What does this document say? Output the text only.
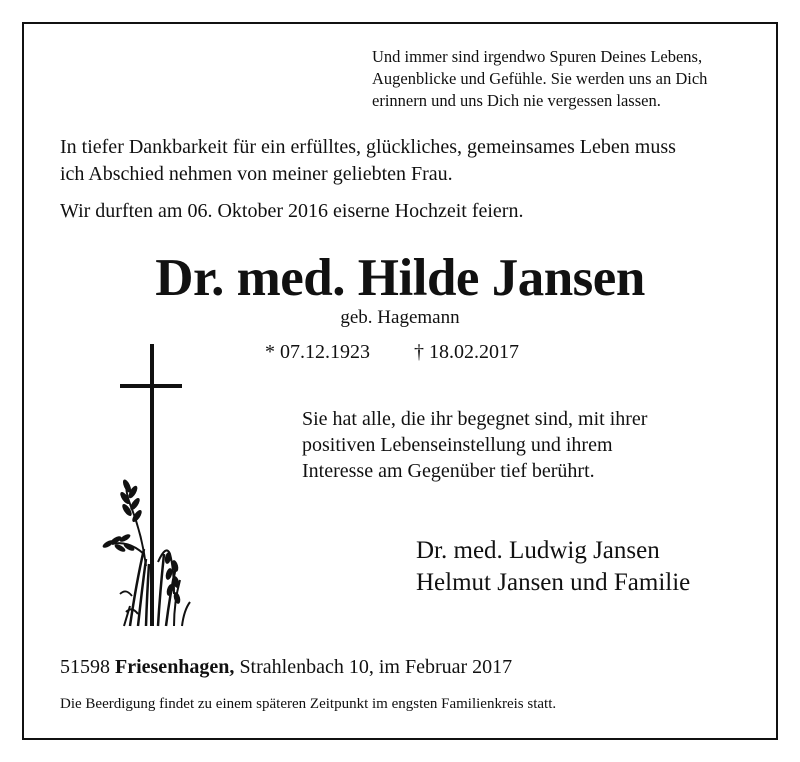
Und immer sind irgendwo Spuren Deines Lebens,
Augenblicke und Gefühle. Sie werden uns an Dich
erinnern und uns Dich nie vergessen lassen.
In tiefer Dankbarkeit für ein erfülltes, glückliches, gemeinsames Leben muss
ich Abschied nehmen von meiner geliebten Frau.
Wir durften am 06. Oktober 2016 eiserne Hochzeit feiern.
Dr. med. Hilde Jansen
geb. Hagemann
* 07.12.1923 † 18.02.2017
Sie hat alle, die ihr begegnet sind, mit ihrer
positiven Lebenseinstellung und ihrem
Interesse am Gegenüber tief berührt.
Dr. med. Ludwig Jansen
Helmut Jansen und Familie
51598 Friesenhagen, Strahlenbach 10, im Februar 2017
Die Beerdigung findet zu einem späteren Zeitpunkt im engsten Familienkreis statt.
